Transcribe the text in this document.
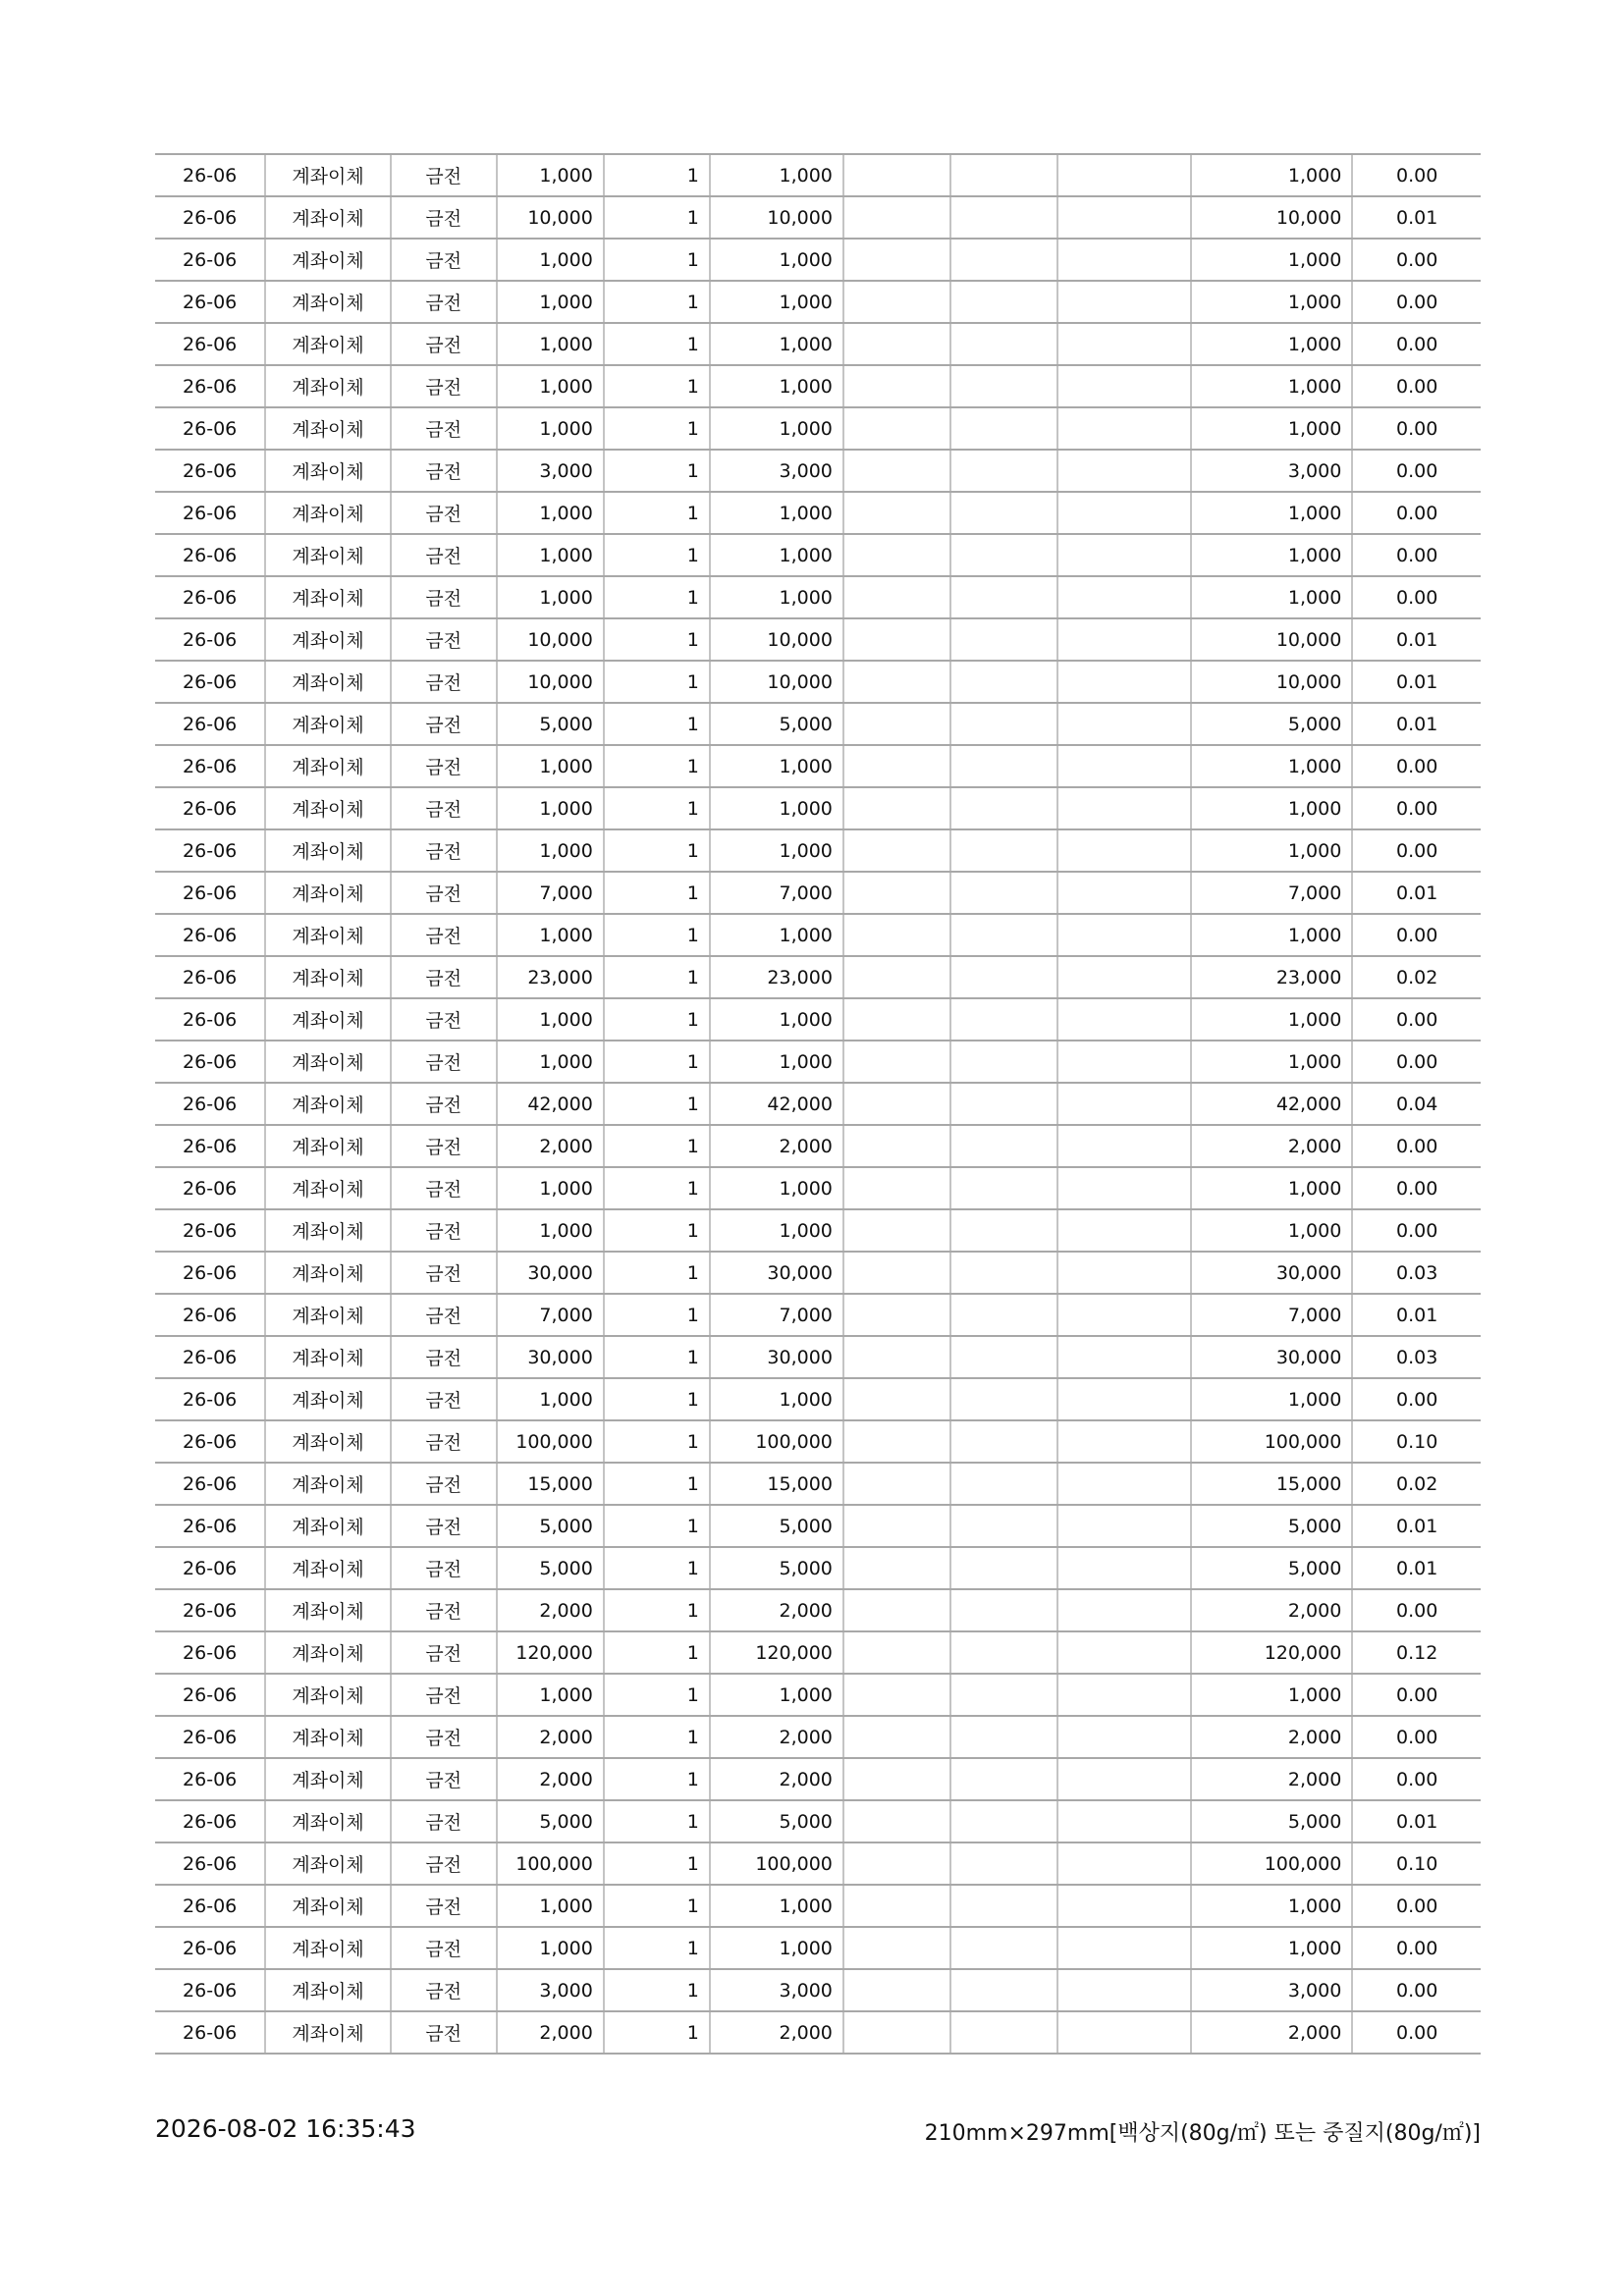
26-06	계좌이체	금전	1,000	1	1,000					1,000	0.00
26-06	계좌이체	금전	10,000	1	10,000					10,000	0.01
26-06	계좌이체	금전	1,000	1	1,000					1,000	0.00
26-06	계좌이체	금전	1,000	1	1,000					1,000	0.00
26-06	계좌이체	금전	1,000	1	1,000					1,000	0.00
26-06	계좌이체	금전	1,000	1	1,000					1,000	0.00
26-06	계좌이체	금전	1,000	1	1,000					1,000	0.00
26-06	계좌이체	금전	3,000	1	3,000					3,000	0.00
26-06	계좌이체	금전	1,000	1	1,000					1,000	0.00
26-06	계좌이체	금전	1,000	1	1,000					1,000	0.00
26-06	계좌이체	금전	1,000	1	1,000					1,000	0.00
26-06	계좌이체	금전	10,000	1	10,000					10,000	0.01
26-06	계좌이체	금전	10,000	1	10,000					10,000	0.01
26-06	계좌이체	금전	5,000	1	5,000					5,000	0.01
26-06	계좌이체	금전	1,000	1	1,000					1,000	0.00
26-06	계좌이체	금전	1,000	1	1,000					1,000	0.00
26-06	계좌이체	금전	1,000	1	1,000					1,000	0.00
26-06	계좌이체	금전	7,000	1	7,000					7,000	0.01
26-06	계좌이체	금전	1,000	1	1,000					1,000	0.00
26-06	계좌이체	금전	23,000	1	23,000					23,000	0.02
26-06	계좌이체	금전	1,000	1	1,000					1,000	0.00
26-06	계좌이체	금전	1,000	1	1,000					1,000	0.00
26-06	계좌이체	금전	42,000	1	42,000					42,000	0.04
26-06	계좌이체	금전	2,000	1	2,000					2,000	0.00
26-06	계좌이체	금전	1,000	1	1,000					1,000	0.00
26-06	계좌이체	금전	1,000	1	1,000					1,000	0.00
26-06	계좌이체	금전	30,000	1	30,000					30,000	0.03
26-06	계좌이체	금전	7,000	1	7,000					7,000	0.01
26-06	계좌이체	금전	30,000	1	30,000					30,000	0.03
26-06	계좌이체	금전	1,000	1	1,000					1,000	0.00
26-06	계좌이체	금전	100,000	1	100,000					100,000	0.10
26-06	계좌이체	금전	15,000	1	15,000					15,000	0.02
26-06	계좌이체	금전	5,000	1	5,000					5,000	0.01
26-06	계좌이체	금전	5,000	1	5,000					5,000	0.01
26-06	계좌이체	금전	2,000	1	2,000					2,000	0.00
26-06	계좌이체	금전	120,000	1	120,000					120,000	0.12
26-06	계좌이체	금전	1,000	1	1,000					1,000	0.00
26-06	계좌이체	금전	2,000	1	2,000					2,000	0.00
26-06	계좌이체	금전	2,000	1	2,000					2,000	0.00
26-06	계좌이체	금전	5,000	1	5,000					5,000	0.01
26-06	계좌이체	금전	100,000	1	100,000					100,000	0.10
26-06	계좌이체	금전	1,000	1	1,000					1,000	0.00
26-06	계좌이체	금전	1,000	1	1,000					1,000	0.00
26-06	계좌이체	금전	3,000	1	3,000					3,000	0.00
26-06	계좌이체	금전	2,000	1	2,000					2,000	0.00
2026-08-02 16:35:43	210mm×297mm[백상지(80g/㎡) 또는 중질지(80g/㎡)]
